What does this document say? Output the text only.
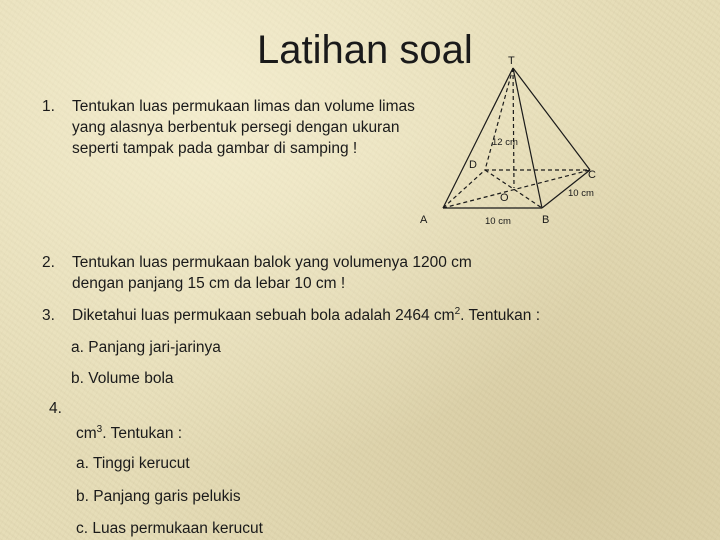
Latihan soal
1. Tentukan luas permukaan limas dan volume limas
yang alasnya berbentuk persegi dengan ukuran
seperti tampak pada gambar di samping !
2. Tentukan luas permukaan balok yang volumenya 1200 cm
dengan panjang 15 cm da lebar 10 cm !
3. Diketahui luas permukaan sebuah bola adalah 2464 $cm^2$. Tentukan :
a. Panjang jari-jarinya
b. Volume bola
4.
$cm^3$. Tentukan :
a. Tinggi kerucut
b. Panjang garis pelukis
c. Luas permukaan kerucut
T
A	B
C
D
O
12 cm
10 cm
10 cm
